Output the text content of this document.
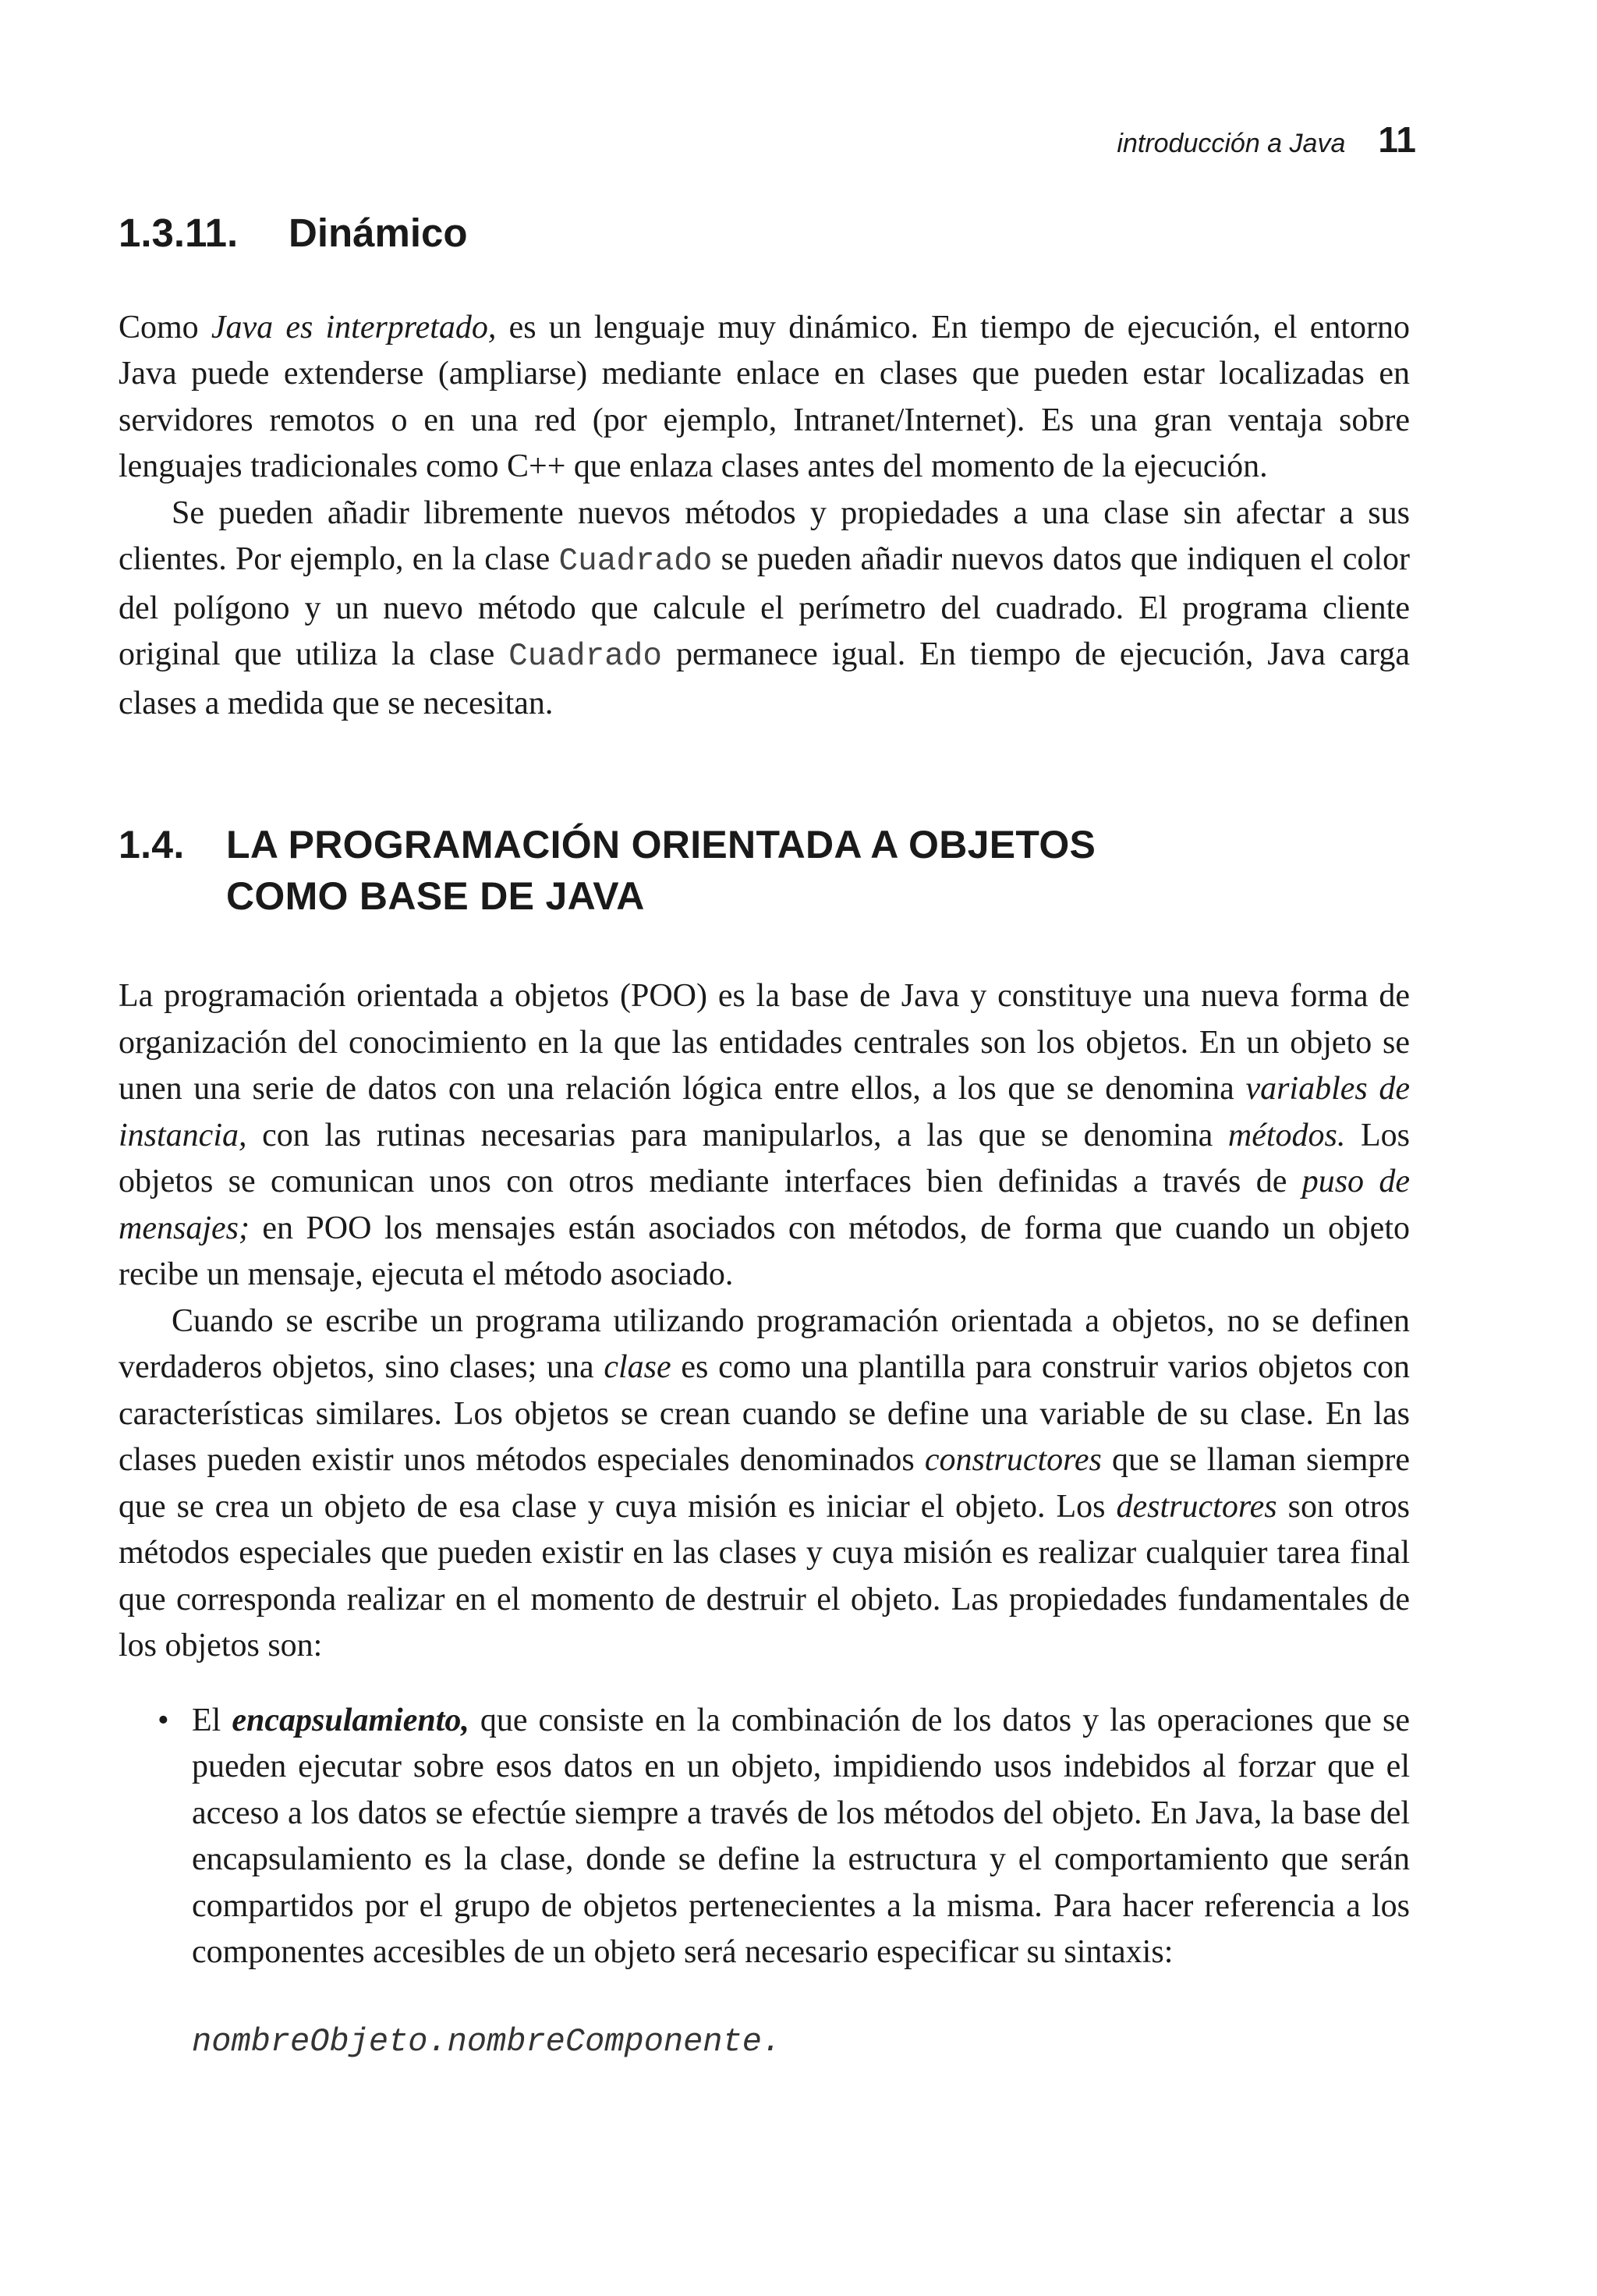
introducción a Java 11
1.3.11.	Dinámico

Como Java es interpretado, es un lenguaje muy dinámico. En tiempo de ejecución, el entorno Java puede extenderse (ampliarse) mediante enlace en clases que pueden estar localizadas en servidores remotos o en una red (por ejemplo, Intranet/Internet). Es una gran ventaja sobre lenguajes tradicionales como C++ que enlaza clases antes del momento de la ejecución.

Se pueden añadir libremente nuevos métodos y propiedades a una clase sin afectar a sus clientes. Por ejemplo, en la clase Cuadrado se pueden añadir nuevos datos que indiquen el color del polígono y un nuevo método que calcule el perímetro del cuadrado. El programa cliente original que utiliza la clase Cuadrado permanece igual. En tiempo de ejecución, Java carga clases a medida que se necesitan.

1.4.	LA PROGRAMACIÓN ORIENTADA A OBJETOS
COMO BASE DE JAVA

La programación orientada a objetos (POO) es la base de Java y constituye una nueva forma de organización del conocimiento en la que las entidades centrales son los objetos. En un objeto se unen una serie de datos con una relación lógica entre ellos, a los que se denomina variables de instancia, con las rutinas necesarias para manipularlos, a las que se denomina métodos. Los objetos se comunican unos con otros mediante interfaces bien definidas a través de puso de mensajes; en POO los mensajes están asociados con métodos, de forma que cuando un objeto recibe un mensaje, ejecuta el método asociado.

Cuando se escribe un programa utilizando programación orientada a objetos, no se definen verdaderos objetos, sino clases; una clase es como una plantilla para construir varios objetos con características similares. Los objetos se crean cuando se define una variable de su clase. En las clases pueden existir unos métodos especiales denominados constructores que se llaman siempre que se crea un objeto de esa clase y cuya misión es iniciar el objeto. Los destructores son otros métodos especiales que pueden existir en las clases y cuya misión es realizar cualquier tarea final que corresponda realizar en el momento de destruir el objeto. Las propiedades fundamentales de los objetos son:

• El encapsulamiento, que consiste en la combinación de los datos y las operaciones que se pueden ejecutar sobre esos datos en un objeto, impidiendo usos indebidos al forzar que el acceso a los datos se efectúe siempre a través de los métodos del objeto. En Java, la base del encapsulamiento es la clase, donde se define la estructura y el comportamiento que serán compartidos por el grupo de objetos pertenecientes a la misma. Para hacer referencia a los componentes accesibles de un objeto será necesario especificar su sintaxis:
nombreObjeto.nombreComponente.
